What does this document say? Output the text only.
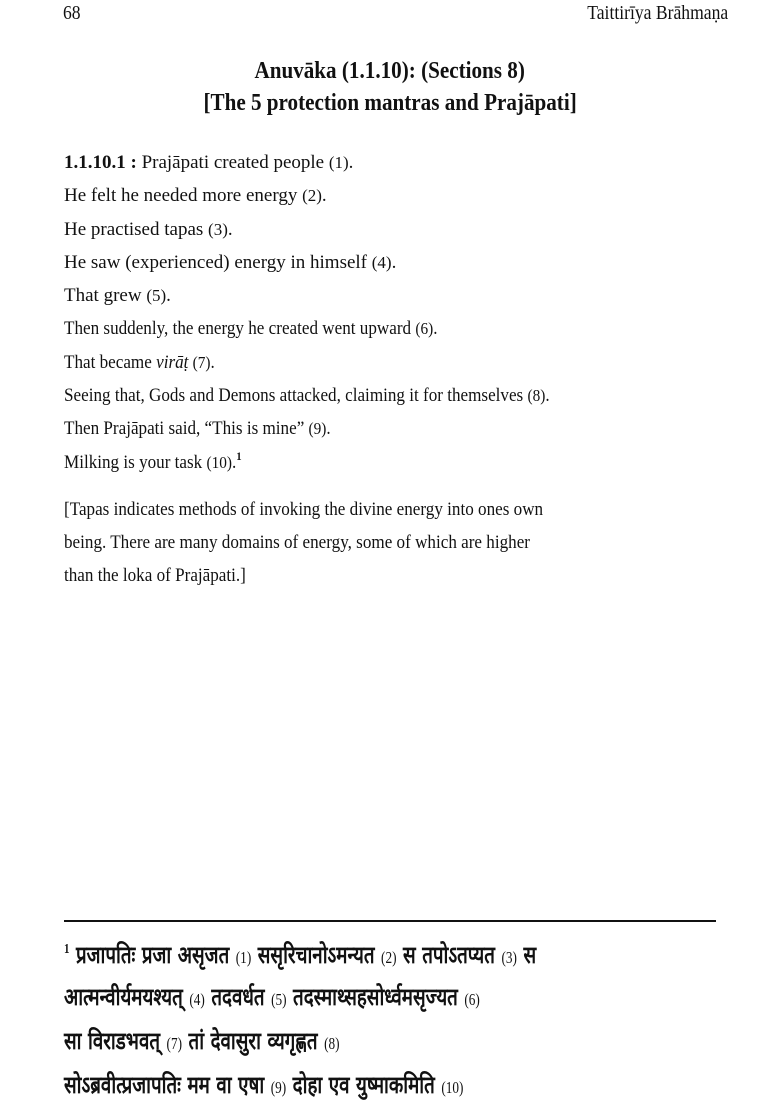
68	Taittirīya Brāhmaṇa
Anuvāka (1.1.10): (Sections 8)
[The 5 protection mantras and Prajāpati]
1.1.10.1 : Prajāpati created people (1).
He felt he needed more energy (2).
He practised tapas (3).
He saw (experienced) energy in himself (4).
That grew (5).
Then suddenly, the energy he created went upward (6).
That became virāṭ (7).
Seeing that, Gods and Demons attacked, claiming it for themselves (8).
Then Prajāpati said, “This is mine” (9).
Milking is your task (10).$^1$
[Tapas indicates methods of invoking the divine energy into ones own
being. There are many domains of energy, some of which are higher
than the loka of Prajāpati.]
$^1$ प्रजापतिः प्रजा असृजत (1) ससृरिचानोऽमन्यत (2) स तपोऽतप्यत (3) स
आत्मन्वीर्यमयश्यत् (4) तदवर्धत (5) तदस्माथ्सहसोर्ध्वमसृज्यत (6)
सा विराडभवत् (7) तां देवासुरा व्यगृह्णत (8)
सोऽब्रवीत्प्रजापतिः मम वा एषा (9) दोहा एव युष्माकमिति (10)
